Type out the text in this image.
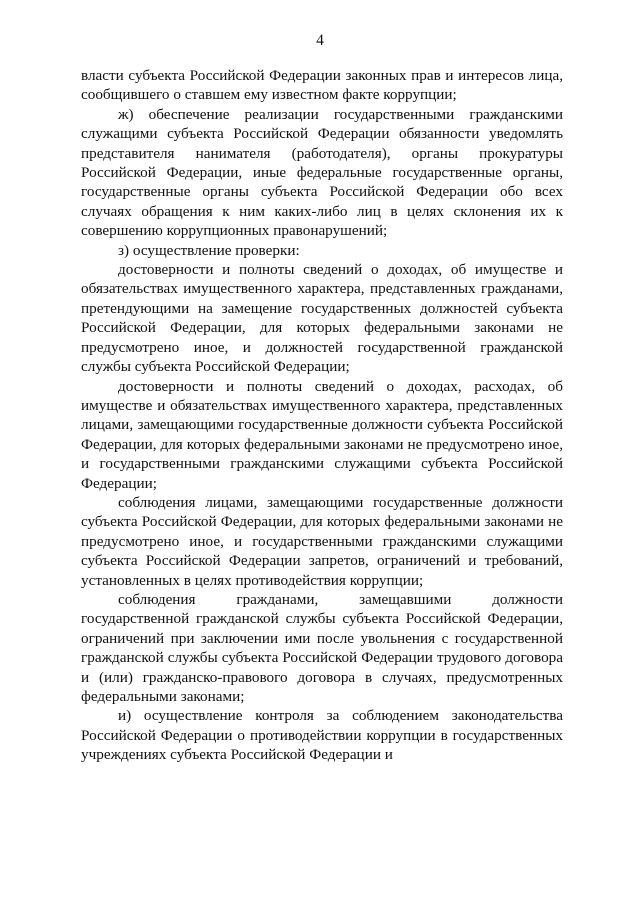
4

власти субъекта Российской Федерации законных прав и интересов лица, сообщившего о ставшем ему известном факте коррупции;

ж) обеспечение реализации государственными гражданскими служащими субъекта Российской Федерации обязанности уведомлять представителя нанимателя (работодателя), органы прокуратуры Российской Федерации, иные федеральные государственные органы, государственные органы субъекта Российской Федерации обо всех случаях обращения к ним каких-либо лиц в целях склонения их к совершению коррупционных правонарушений;

з) осуществление проверки:

достоверности и полноты сведений о доходах, об имуществе и обязательствах имущественного характера, представленных гражданами, претендующими на замещение государственных должностей субъекта Российской Федерации, для которых федеральными законами не предусмотрено иное, и должностей государственной гражданской службы субъекта Российской Федерации;

достоверности и полноты сведений о доходах, расходах, об имуществе и обязательствах имущественного характера, представленных лицами, замещающими государственные должности субъекта Российской Федерации, для которых федеральными законами не предусмотрено иное, и государственными гражданскими служащими субъекта Российской Федерации;

соблюдения лицами, замещающими государственные должности субъекта Российской Федерации, для которых федеральными законами не предусмотрено иное, и государственными гражданскими служащими субъекта Российской Федерации запретов, ограничений и требований, установленных в целях противодействия коррупции;

соблюдения гражданами, замещавшими должности государственной гражданской службы субъекта Российской Федерации, ограничений при заключении ими после увольнения с государственной гражданской службы субъекта Российской Федерации трудового договора и (или) гражданско-правового договора в случаях, предусмотренных федеральными законами;

и) осуществление контроля за соблюдением законодательства Российской Федерации о противодействии коррупции в государственных учреждениях субъекта Российской Федерации и
